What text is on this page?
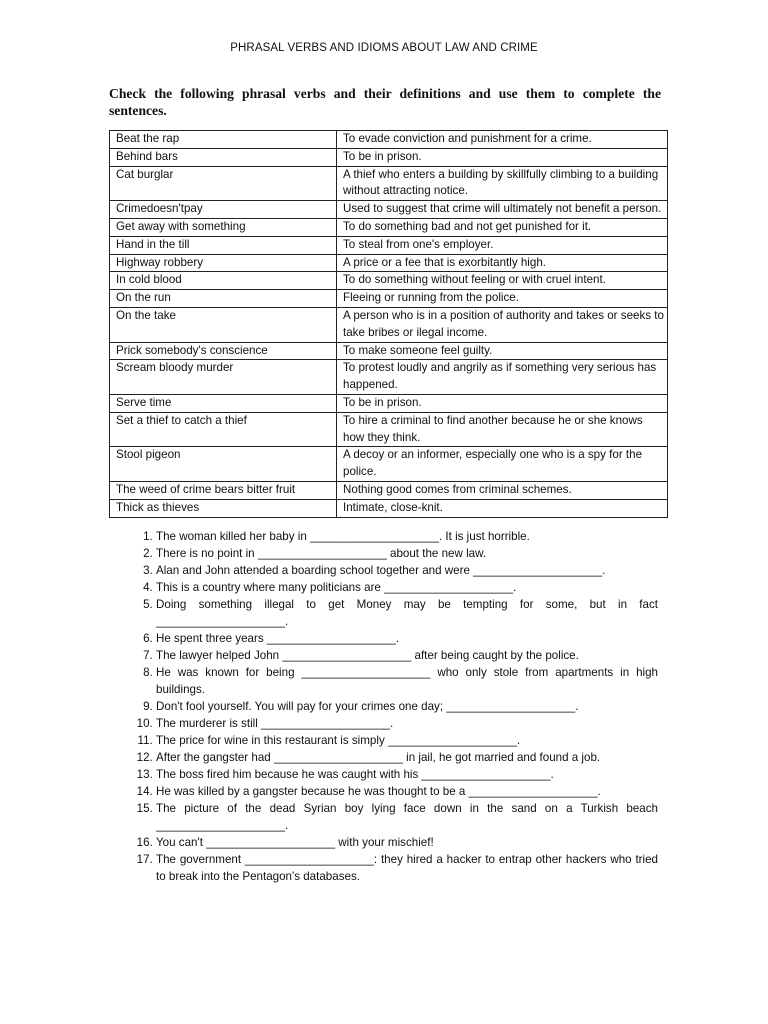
PHRASAL VERBS AND IDIOMS ABOUT LAW AND CRIME
Check the following phrasal verbs and their definitions and use them to complete the sentences.
Beat the rap	To evade conviction and punishment for a crime.
Behind bars	To be in prison.
Cat burglar	A thief who enters a building by skillfully climbing to a building without attracting notice.
Crimedoesn'tpay	Used to suggest that crime will ultimately not benefit a person.
Get away with something	To do something bad and not get punished for it.
Hand in the till	To steal from one's employer.
Highway robbery	A price or a fee that is exorbitantly high.
In cold blood	To do something without feeling or with cruel intent.
On the run	Fleeing or running from the police.
On the take	A person who is in a position of authority and takes or seeks to take bribes or ilegal income.
Prick somebody's conscience	To make someone feel guilty.
Scream bloody murder	To protest loudly and angrily as if something very serious has happened.
Serve time	To be in prison.
Set a thief to catch a thief	To hire a criminal to find another because he or she knows how they think.
Stool pigeon	A decoy or an informer, especially one who is a spy for the police.
The weed of crime bears bitter fruit	Nothing good comes from criminal schemes.
Thick as thieves	Intimate, close-knit.
1. The woman killed her baby in ____________________. It is just horrible.
2. There is no point in ____________________ about the new law.
3. Alan and John attended a boarding school together and were ____________________.
4. This is a country where many politicians are ____________________.
5. Doing something illegal to get Money may be tempting for some, but in fact ____________________.
6. He spent three years ____________________.
7. The lawyer helped John ____________________ after being caught by the police.
8. He was known for being ____________________ who only stole from apartments in high buildings.
9. Don't fool yourself. You will pay for your crimes one day; ____________________.
10. The murderer is still ____________________.
11. The price for wine in this restaurant is simply ____________________.
12. After the gangster had ____________________ in jail, he got married and found a job.
13. The boss fired him because he was caught with his ____________________.
14. He was killed by a gangster because he was thought to be a ____________________.
15. The picture of the dead Syrian boy lying face down in the sand on a Turkish beach ____________________.
16. You can't ____________________ with your mischief!
17. The government ____________________: they hired a hacker to entrap other hackers who tried to break into the Pentagon's databases.
